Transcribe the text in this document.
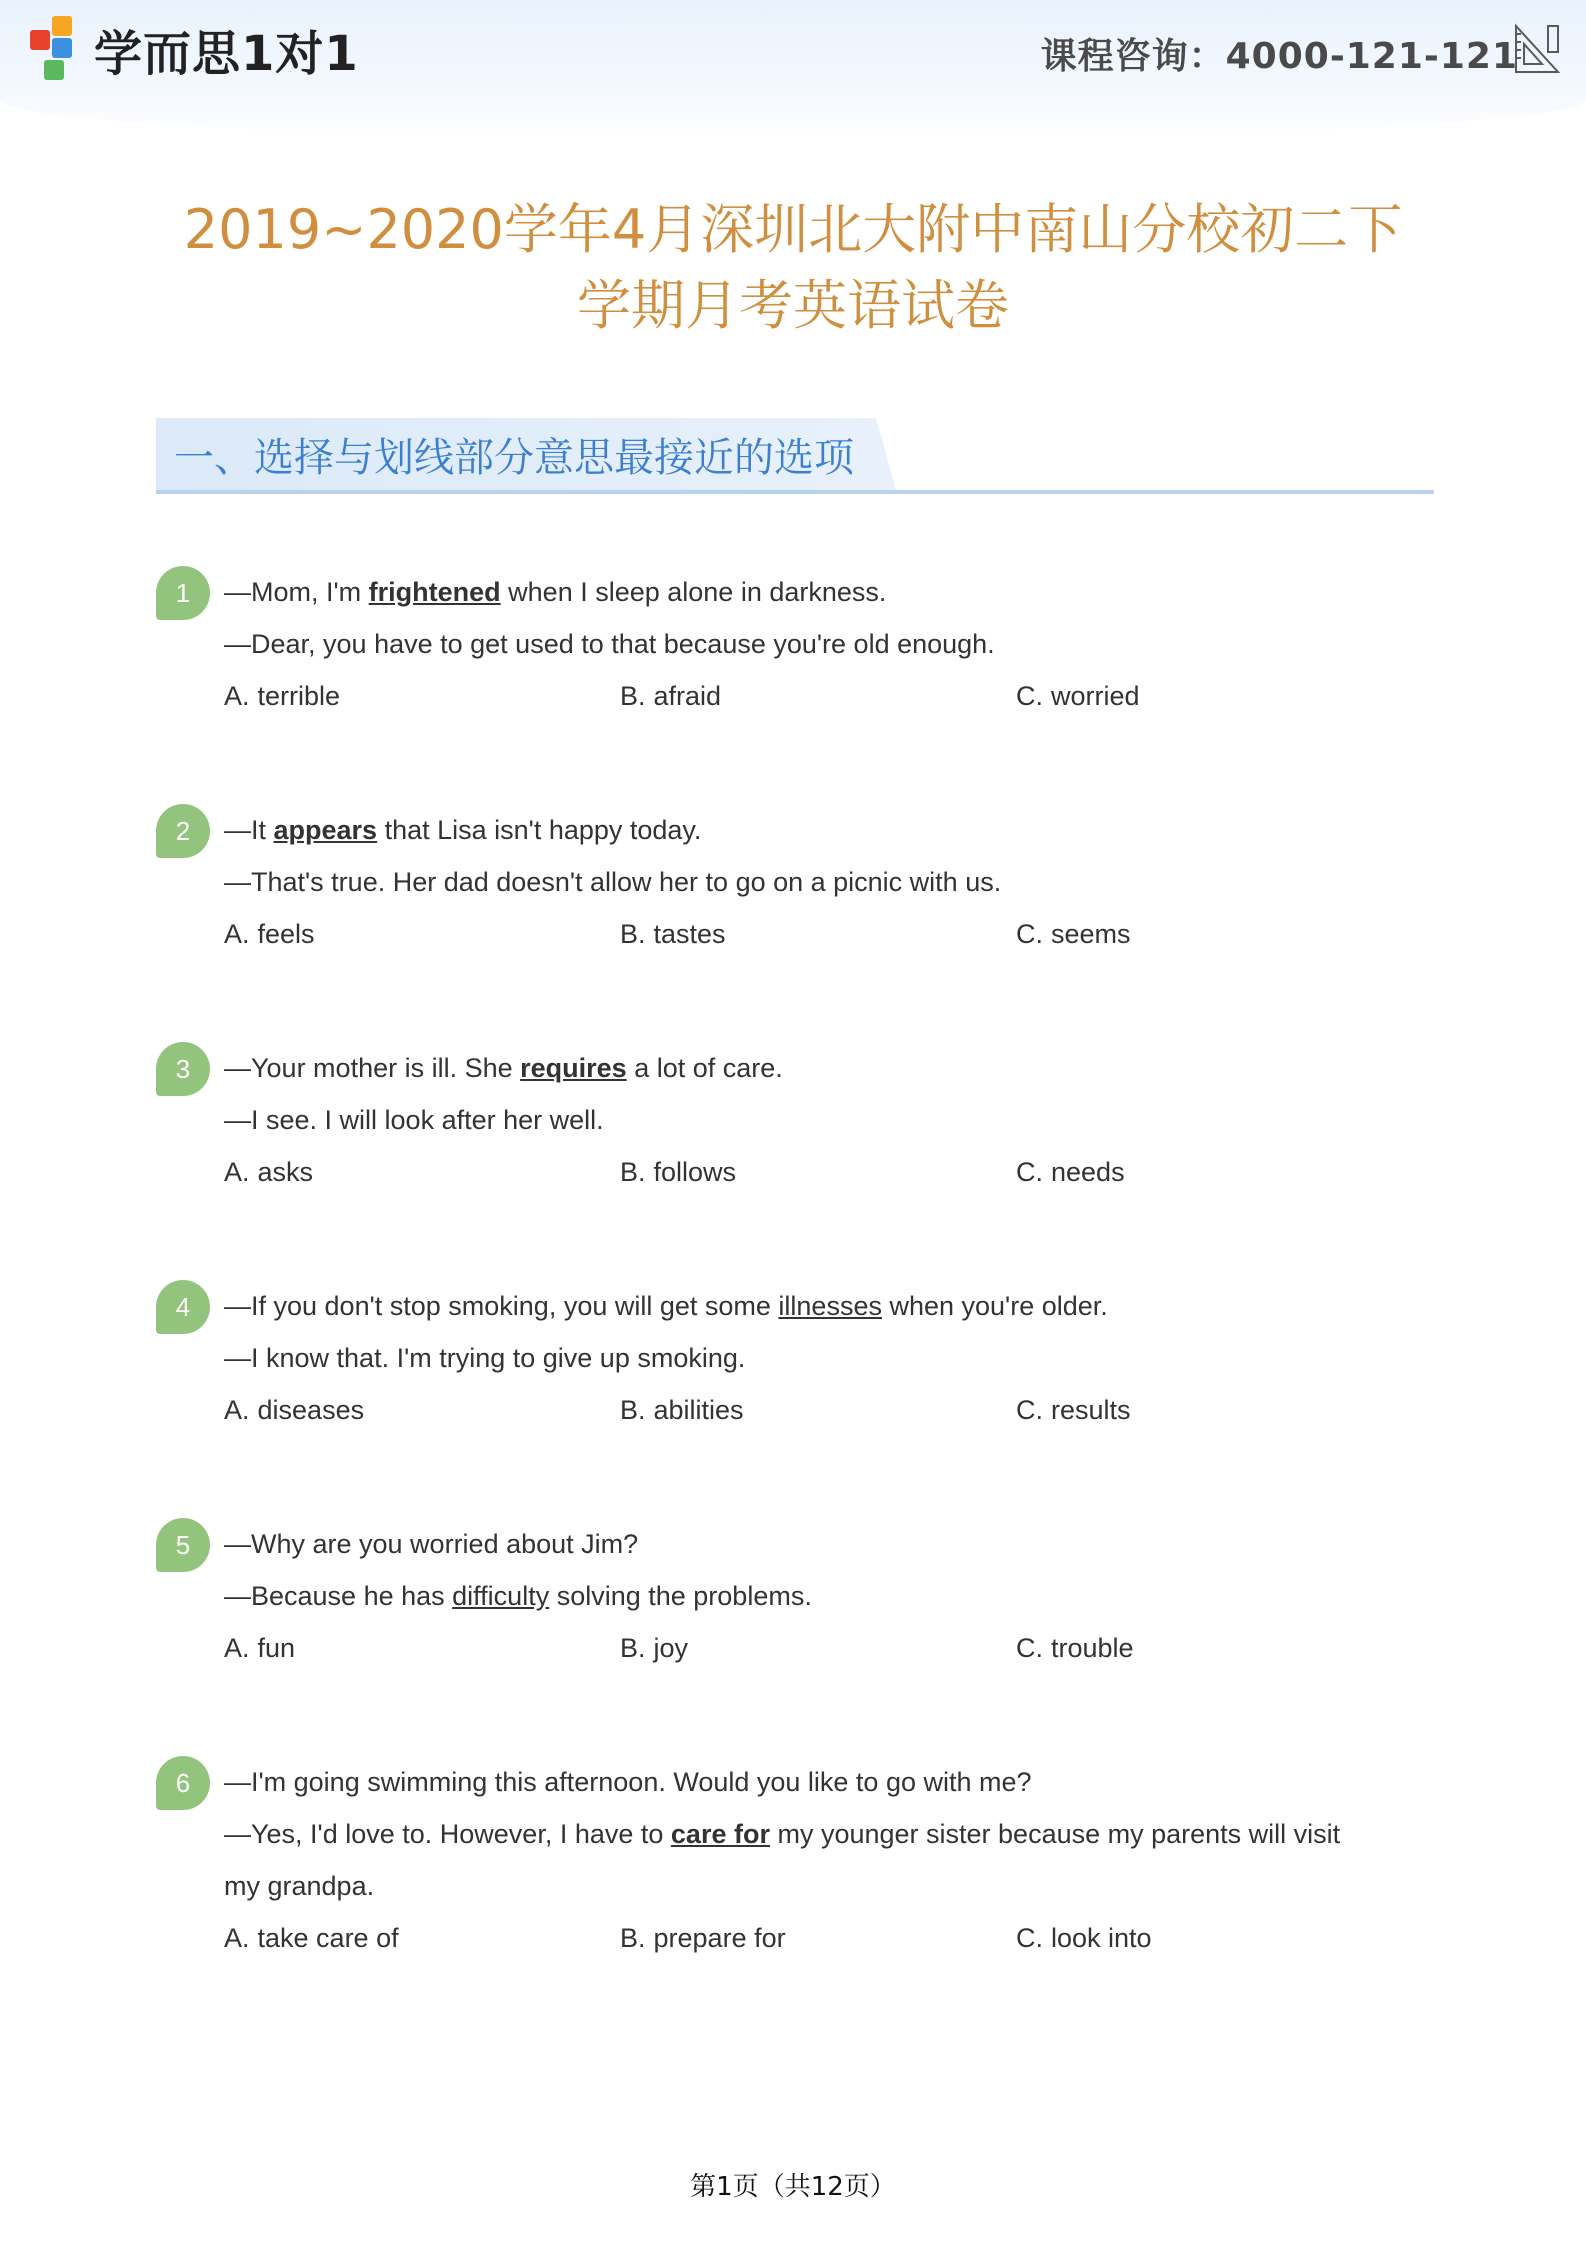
学而思1对1	课程咨询：4000-121-121
2019~2020学年4月深圳北大附中南山分校初二下
学期月考英语试卷
一、选择与划线部分意思最接近的选项
1	—Mom, I'm frightened when I sleep alone in darkness.
—Dear, you have to get used to that because you're old enough.
A. terrible	B. afraid	C. worried
2	—It appears that Lisa isn't happy today.
—That's true. Her dad doesn't allow her to go on a picnic with us.
A. feels	B. tastes	C. seems
3	—Your mother is ill. She requires a lot of care.
—I see. I will look after her well.
A. asks	B. follows	C. needs
4	—If you don't stop smoking, you will get some illnesses when you're older.
—I know that. I'm trying to give up smoking.
A. diseases	B. abilities	C. results
5	—Why are you worried about Jim?
—Because he has difficulty solving the problems.
A. fun	B. joy	C. trouble
6	—I'm going swimming this afternoon. Would you like to go with me?
—Yes, I'd love to. However, I have to care for my younger sister because my parents will visit
my grandpa.
A. take care of	B. prepare for	C. look into
第1页（共12页）
